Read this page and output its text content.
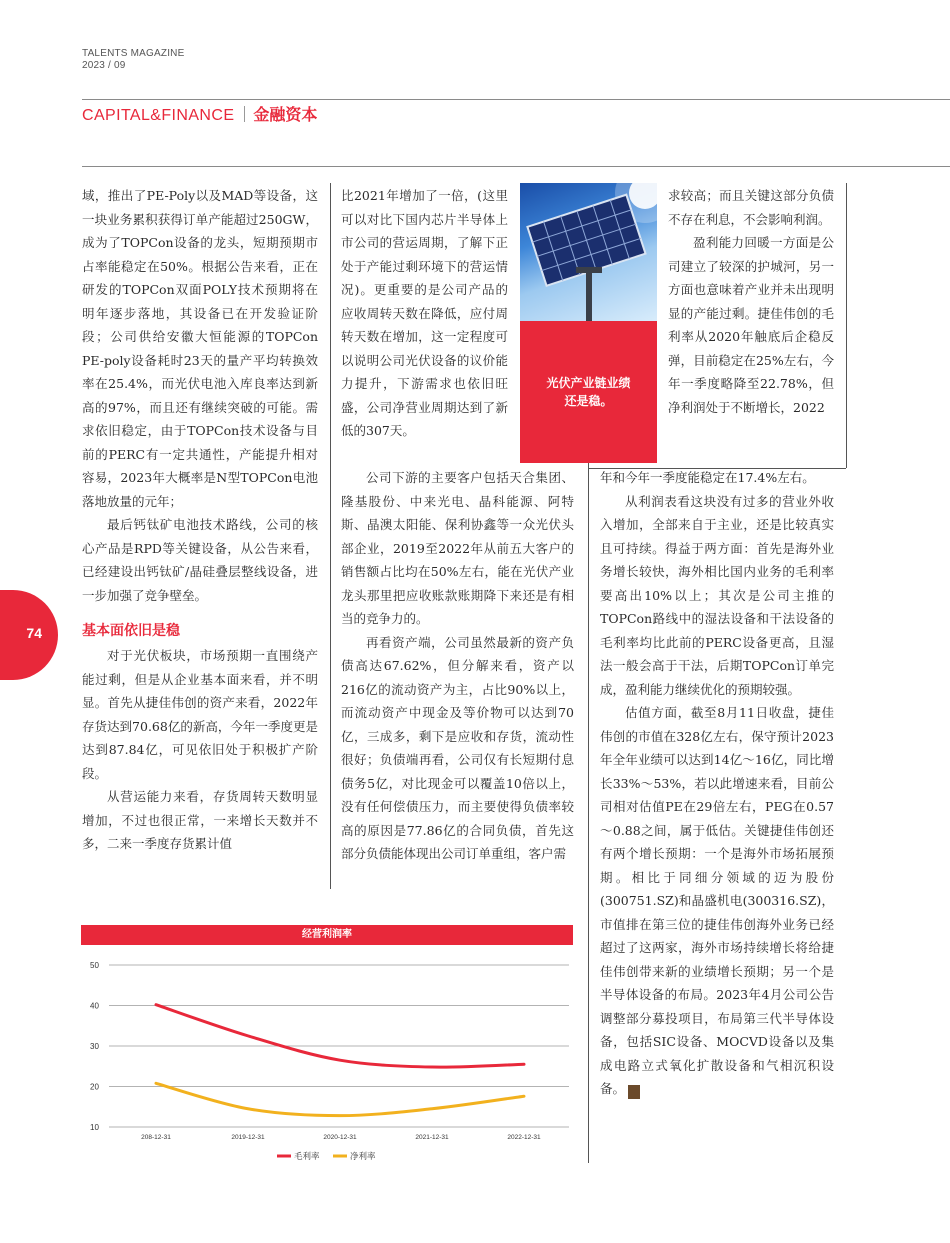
TALENTS MAGAZINE
2023 / 09
CAPITAL&FINANCE 金融资本

域，推出了PE-Poly以及MAD等设备，这一块业务累积获得订单产能超过250GW，成为了TOPCon设备的龙头，短期预期市占率能稳定在50%。根据公告来看，正在研发的TOPCon双面POLY技术预期将在明年逐步落地，其设备已在开发验证阶段；公司供给安徽大恒能源的TOPCon PE-poly设备耗时23天的量产平均转换效率在25.4%，而光伏电池入库良率达到新高的97%，而且还有继续突破的可能。需求依旧稳定，由于TOPCon技术设备与目前的PERC有一定共通性，产能提升相对容易，2023年大概率是N型TOPCon电池落地放量的元年；

最后钙钛矿电池技术路线，公司的核心产品是RPD等关键设备，从公告来看，已经建设出钙钛矿/晶硅叠层整线设备，进一步加强了竞争壁垒。

基本面依旧是稳

对于光伏板块，市场预期一直围绕产能过剩，但是从企业基本面来看，并不明显。首先从捷佳伟创的资产来看，2022年存货达到70.68亿的新高，今年一季度更是达到87.84亿，可见依旧处于积极扩产阶段。

从营运能力来看，存货周转天数明显增加，不过也很正常，一来增长天数并不多，二来一季度存货累计值

比2021年增加了一倍，(这里可以对比下国内芯片半导体上市公司的营运周期，了解下正处于产能过剩环境下的营运情况)。更重要的是公司产品的应收周转天数在降低，应付周转天数在增加，这一定程度可以说明公司光伏设备的议价能力提升，下游需求也依旧旺盛，公司净营业周期达到了新低的307天。

公司下游的主要客户包括天合集团、隆基股份、中来光电、晶科能源、阿特斯、晶澳太阳能、保利协鑫等一众光伏头部企业，2019至2022年从前五大客户的销售额占比均在50%左右，能在光伏产业龙头那里把应收账款账期降下来还是有相当的竞争力的。

再看资产端，公司虽然最新的资产负债高达67.62%，但分解来看，资产以216亿的流动资产为主，占比90%以上，而流动资产中现金及等价物可以达到70亿，三成多，剩下是应收和存货，流动性很好；负债端再看，公司仅有长短期付息债务5亿，对比现金可以覆盖10倍以上，没有任何偿债压力，而主要使得负债率较高的原因是77.86亿的合同负债，首先这部分负债能体现出公司订单重组，客户需

光伏产业链业绩
还是稳。

求较高；而且关键这部分负债不存在利息，不会影响利润。

盈利能力回暖一方面是公司建立了较深的护城河，另一方面也意味着产业并未出现明显的产能过剩。捷佳伟创的毛利率从2020年触底后企稳反弹，目前稳定在25%左右，今年一季度略降至22.78%，但净利润处于不断增长，2022

年和今年一季度能稳定在17.4%左右。

从利润表看这块没有过多的营业外收入增加，全部来自于主业，还是比较真实且可持续。得益于两方面：首先是海外业务增长较快，海外相比国内业务的毛利率要高出10%以上；其次是公司主推的TOPCon路线中的湿法设备和干法设备的毛利率均比此前的PERC设备更高，且湿法一般会高于干法，后期TOPCon订单完成，盈利能力继续优化的预期较强。

估值方面，截至8月11日收盘，捷佳伟创的市值在328亿左右，保守预计2023年全年业绩可以达到14亿～16亿，同比增长33%～53%，若以此增速来看，目前公司相对估值PE在29倍左右，PEG在0.57～0.88之间，属于低估。关键捷佳伟创还有两个增长预期：一个是海外市场拓展预期。相比于同细分领域的迈为股份(300751.SZ)和晶盛机电(300316.SZ)，市值排在第三位的捷佳伟创海外业务已经超过了这两家，海外市场持续增长将给捷佳伟创带来新的业绩增长预期；另一个是半导体设备的布局。2023年4月公司公告调整部分募投项目，布局第三代半导体设备，包括SIC设备、MOCVD设备以及集成电路立式氧化扩散设备和气相沉积设备。	t

74
经营利润率
10
20
30
40
50
208-12-31	2019-12-31	2020-12-31	2021-12-31	2022-12-31
毛利率	净利率
